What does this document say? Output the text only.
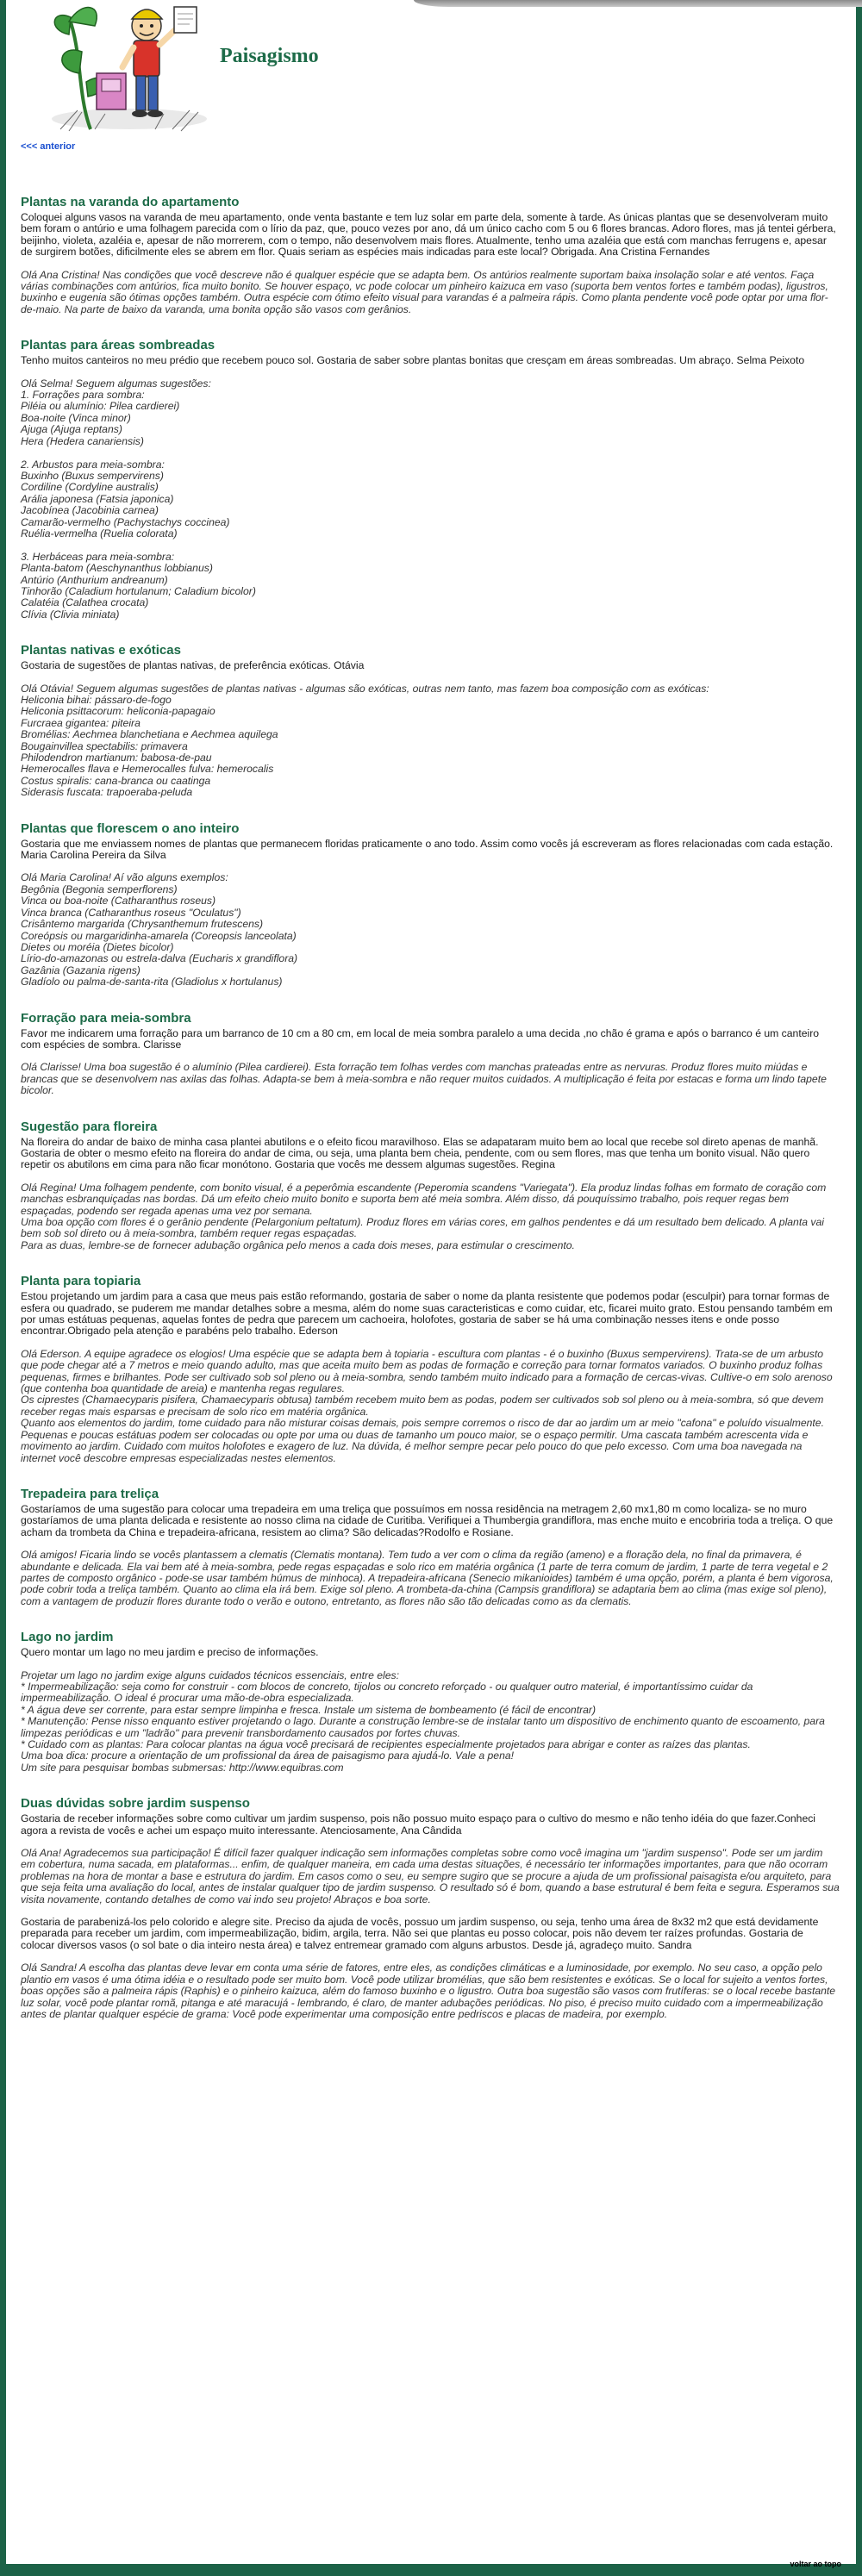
Paisagismo
<<< anterior
Plantas na varanda do apartamento

Coloquei alguns vasos na varanda de meu apartamento, onde venta bastante e tem luz solar em parte dela, somente à tarde. As únicas plantas que se desenvolveram muito bem foram o antúrio e uma folhagem parecida com o lírio da paz, que, pouco vezes por ano, dá um único cacho com 5 ou 6 flores brancas. Adoro flores, mas já tentei gérbera, beijinho, violeta, azaléia e, apesar de não morrerem, com o tempo, não desenvolvem mais flores. Atualmente, tenho uma azaléia que está com manchas ferrugens e, apesar de surgirem botões, dificilmente eles se abrem em flor. Quais seriam as espécies mais indicadas para este local? Obrigada. Ana Cristina Fernandes

Olá Ana Cristina! Nas condições que você descreve não é qualquer espécie que se adapta bem. Os antúrios realmente suportam baixa insolação solar e até ventos. Faça várias combinações com antúrios, fica muito bonito. Se houver espaço, vc pode colocar um pinheiro kaizuca em vaso (suporta bem ventos fortes e também podas), ligustros, buxinho e eugenia são ótimas opções também. Outra espécie com ótimo efeito visual para varandas é a palmeira rápis. Como planta pendente você pode optar por uma flor-de-maio. Na parte de baixo da varanda, uma bonita opção são vasos com gerânios.

Plantas para áreas sombreadas

Tenho muitos canteiros no meu prédio que recebem pouco sol. Gostaria de saber sobre plantas bonitas que cresçam em áreas sombreadas. Um abraço. Selma Peixoto

Olá Selma! Seguem algumas sugestões:
1. Forrações para sombra:
Piléia ou alumínio: Pilea cardierei)
Boa-noite (Vinca minor)
Ajuga (Ajuga reptans)
Hera (Hedera canariensis)

2. Arbustos para meia-sombra:
Buxinho (Buxus sempervirens)
Cordiline (Cordyline australis)
Arália japonesa (Fatsia japonica)
Jacobínea (Jacobinia carnea)
Camarão-vermelho (Pachystachys coccinea)
Ruélia-vermelha (Ruelia colorata)

3. Herbáceas para meia-sombra:
Planta-batom (Aeschynanthus lobbianus)
Antúrio (Anthurium andreanum)
Tinhorão (Caladium hortulanum; Caladium bicolor)
Calatéia (Calathea crocata)
Clívia (Clivia miniata)

Plantas nativas e exóticas

Gostaria de sugestões de plantas nativas, de preferência exóticas. Otávia

Olá Otávia! Seguem algumas sugestões de plantas nativas - algumas são exóticas, outras nem tanto, mas fazem boa composição com as exóticas:
Heliconia bihai: pássaro-de-fogo
Heliconia psittacorum: heliconia-papagaio
Furcraea gigantea: piteira
Bromélias: Aechmea blanchetiana e Aechmea aquilega
Bougainvillea spectabilis: primavera
Philodendron martianum: babosa-de-pau
Hemerocalles flava e Hemerocalles fulva: hemerocalis
Costus spiralis: cana-branca ou caatinga
Siderasis fuscata: trapoeraba-peluda

Plantas que florescem o ano inteiro

Gostaria que me enviassem nomes de plantas que permanecem floridas praticamente o ano todo. Assim como vocês já escreveram as flores relacionadas com cada estação. Maria Carolina Pereira da Silva

Olá Maria Carolina! Aí vão alguns exemplos:
Begônia (Begonia semperflorens)
Vinca ou boa-noite (Catharanthus roseus)
Vinca branca (Catharanthus roseus "Oculatus")
Crisântemo margarida (Chrysanthemum frutescens)
Coreópsis ou margaridinha-amarela (Coreopsis lanceolata)
Dietes ou moréia (Dietes bicolor)
Lírio-do-amazonas ou estrela-dalva (Eucharis x grandiflora)
Gazânia (Gazania rigens)
Gladíolo ou palma-de-santa-rita (Gladiolus x hortulanus)

Forração para meia-sombra

Favor me indicarem uma forração para um barranco de 10 cm a 80 cm, em local de meia sombra paralelo a uma decida ,no chão é grama e após o barranco é um canteiro com espécies de sombra. Clarisse

Olá Clarisse! Uma boa sugestão é o alumínio (Pilea cardierei). Esta forração tem folhas verdes com manchas prateadas entre as nervuras. Produz flores muito miúdas e brancas que se desenvolvem nas axilas das folhas. Adapta-se bem à meia-sombra e não requer muitos cuidados. A multiplicação é feita por estacas e forma um lindo tapete bicolor.

Sugestão para floreira

Na floreira do andar de baixo de minha casa plantei abutilons e o efeito ficou maravilhoso. Elas se adapataram muito bem ao local que recebe sol direto apenas de manhã. Gostaria de obter o mesmo efeito na floreira do andar de cima, ou seja, uma planta bem cheia, pendente, com ou sem flores, mas que tenha um bonito visual. Não quero repetir os abutilons em cima para não ficar monótono. Gostaria que vocês me dessem algumas sugestões. Regina

Olá Regina! Uma folhagem pendente, com bonito visual, é a peperômia escandente (Peperomia scandens "Variegata"). Ela produz lindas folhas em formato de coração com manchas esbranquiçadas nas bordas. Dá um efeito cheio muito bonito e suporta bem até meia sombra. Além disso, dá pouquíssimo trabalho, pois requer regas bem espaçadas, podendo ser regada apenas uma vez por semana.
Uma boa opção com flores é o gerânio pendente (Pelargonium peltatum). Produz flores em várias cores, em galhos pendentes e dá um resultado bem delicado. A planta vai bem sob sol direto ou à meia-sombra, também requer regas espaçadas.
Para as duas, lembre-se de fornecer adubação orgânica pelo menos a cada dois meses, para estimular o crescimento.

Planta para topiaria

Estou projetando um jardim para a casa que meus pais estão reformando, gostaria de saber o nome da planta resistente que podemos podar (esculpir) para tornar formas de esfera ou quadrado, se puderem me mandar detalhes sobre a mesma, além do nome suas caracteristicas e como cuidar, etc, ficarei muito grato. Estou pensando também em por umas estátuas pequenas, aquelas fontes de pedra que parecem um cachoeira, holofotes, gostaria de saber se há uma combinação nesses itens e onde posso encontrar.Obrigado pela atenção e parabéns pelo trabalho. Ederson

Olá Ederson. A equipe agradece os elogios! Uma espécie que se adapta bem à topiaria - escultura com plantas - é o buxinho (Buxus sempervirens). Trata-se de um arbusto que pode chegar até a 7 metros e meio quando adulto, mas que aceita muito bem as podas de formação e correção para tornar formatos variados. O buxinho produz folhas pequenas, firmes e brilhantes. Pode ser cultivado sob sol pleno ou à meia-sombra, sendo também muito indicado para a formação de cercas-vivas. Cultive-o em solo arenoso (que contenha boa quantidade de areia) e mantenha regas regulares.
Os ciprestes (Chamaecyparis pisifera, Chamaecyparis obtusa) também recebem muito bem as podas, podem ser cultivados sob sol pleno ou à meia-sombra, só que devem receber regas mais esparsas e precisam de solo rico em matéria orgânica.
Quanto aos elementos do jardim, tome cuidado para não misturar coisas demais, pois sempre corremos o risco de dar ao jardim um ar meio "cafona" e poluído visualmente. Pequenas e poucas estátuas podem ser colocadas ou opte por uma ou duas de tamanho um pouco maior, se o espaço permitir. Uma cascata também acrescenta vida e movimento ao jardim. Cuidado com muitos holofotes e exagero de luz. Na dúvida, é melhor sempre pecar pelo pouco do que pelo excesso. Com uma boa navegada na internet você descobre empresas especializadas nestes elementos.

Trepadeira para treliça

Gostaríamos de uma sugestão para colocar uma trepadeira em uma treliça que possuímos em nossa residência na metragem 2,60 mx1,80 m como localiza- se no muro gostaríamos de uma planta delicada e resistente ao nosso clima na cidade de Curitiba. Verifiquei a Thumbergia grandiflora, mas enche muito e encobriria toda a treliça. O que acham da trombeta da China e trepadeira-africana, resistem ao clima? São delicadas?Rodolfo e Rosiane.

Olá amigos! Ficaria lindo se vocês plantassem a clematis (Clematis montana). Tem tudo a ver com o clima da região (ameno) e a floração dela, no final da primavera, é abundante e delicada. Ela vai bem até à meia-sombra, pede regas espaçadas e solo rico em matéria orgânica (1 parte de terra comum de jardim, 1 parte de terra vegetal e 2 partes de composto orgânico - pode-se usar também húmus de minhoca). A trepadeira-africana (Senecio mikanioides) também é uma opção, porém, a planta é bem vigorosa, pode cobrir toda a treliça também. Quanto ao clima ela irá bem. Exige sol pleno. A trombeta-da-china (Campsis grandiflora) se adaptaria bem ao clima (mas exige sol pleno), com a vantagem de produzir flores durante todo o verão e outono, entretanto, as flores não são tão delicadas como as da clematis.

Lago no jardim

Quero montar um lago no meu jardim e preciso de informações.

Projetar um lago no jardim exige alguns cuidados técnicos essenciais, entre eles:
* Impermeabilização: seja como for construir - com blocos de concreto, tijolos ou concreto reforçado - ou qualquer outro material, é importantíssimo cuidar da impermeabilização. O ideal é procurar uma mão-de-obra especializada.
* A água deve ser corrente, para estar sempre limpinha e fresca. Instale um sistema de bombeamento (é fácil de encontrar)
* Manutenção: Pense nisso enquanto estiver projetando o lago. Durante a construção lembre-se de instalar tanto um dispositivo de enchimento quanto de escoamento, para limpezas periódicas e um "ladrão" para prevenir transbordamento causados por fortes chuvas.
* Cuidado com as plantas: Para colocar plantas na água você precisará de recipientes especialmente projetados para abrigar e conter as raízes das plantas.
Uma boa dica: procure a orientação de um profissional da área de paisagismo para ajudá-lo. Vale a pena!
Um site para pesquisar bombas submersas: http://www.equibras.com

Duas dúvidas sobre jardim suspenso

Gostaria de receber informações sobre como cultivar um jardim suspenso, pois não possuo muito espaço para o cultivo do mesmo e não tenho idéia do que fazer.Conheci agora a revista de vocês e achei um espaço muito interessante. Atenciosamente, Ana Cândida

Olá Ana! Agradecemos sua participação! É difícil fazer qualquer indicação sem informações completas sobre como você imagina um "jardim suspenso". Pode ser um jardim em cobertura, numa sacada, em plataformas... enfim, de qualquer maneira, em cada uma destas situações, é necessário ter informações importantes, para que não ocorram problemas na hora de montar a base e estrutura do jardim. Em casos como o seu, eu sempre sugiro que se procure a ajuda de um profissional paisagista e/ou arquiteto, para que seja feita uma avaliação do local, antes de instalar qualquer tipo de jardim suspenso. O resultado só é bom, quando a base estrutural é bem feita e segura. Esperamos sua visita novamente, contando detalhes de como vai indo seu projeto! Abraços e boa sorte.

Gostaria de parabenizá-los pelo colorido e alegre site. Preciso da ajuda de vocês, possuo um jardim suspenso, ou seja, tenho uma área de 8x32 m2 que está devidamente preparada para receber um jardim, com impermeabilização, bidim, argila, terra. Não sei que plantas eu posso colocar, pois não devem ter raízes profundas. Gostaria de colocar diversos vasos (o sol bate o dia inteiro nesta área) e talvez entremear gramado com alguns arbustos. Desde já, agradeço muito. Sandra

Olá Sandra! A escolha das plantas deve levar em conta uma série de fatores, entre eles, as condições climáticas e a luminosidade, por exemplo. No seu caso, a opção pelo plantio em vasos é uma ótima idéia e o resultado pode ser muito bom. Você pode utilizar bromélias, que são bem resistentes e exóticas. Se o local for sujeito a ventos fortes, boas opções são a palmeira rápis (Raphis) e o pinheiro kaizuca, além do famoso buxinho e o ligustro. Outra boa sugestão são vasos com frutíferas: se o local recebe bastante luz solar, você pode plantar romã, pitanga e até maracujá - lembrando, é claro, de manter adubações periódicas. No piso, é preciso muito cuidado com a impermeabilização antes de plantar qualquer espécie de grama: Você pode experimentar uma composição entre pedriscos e placas de madeira, por exemplo.

voltar ao topo
